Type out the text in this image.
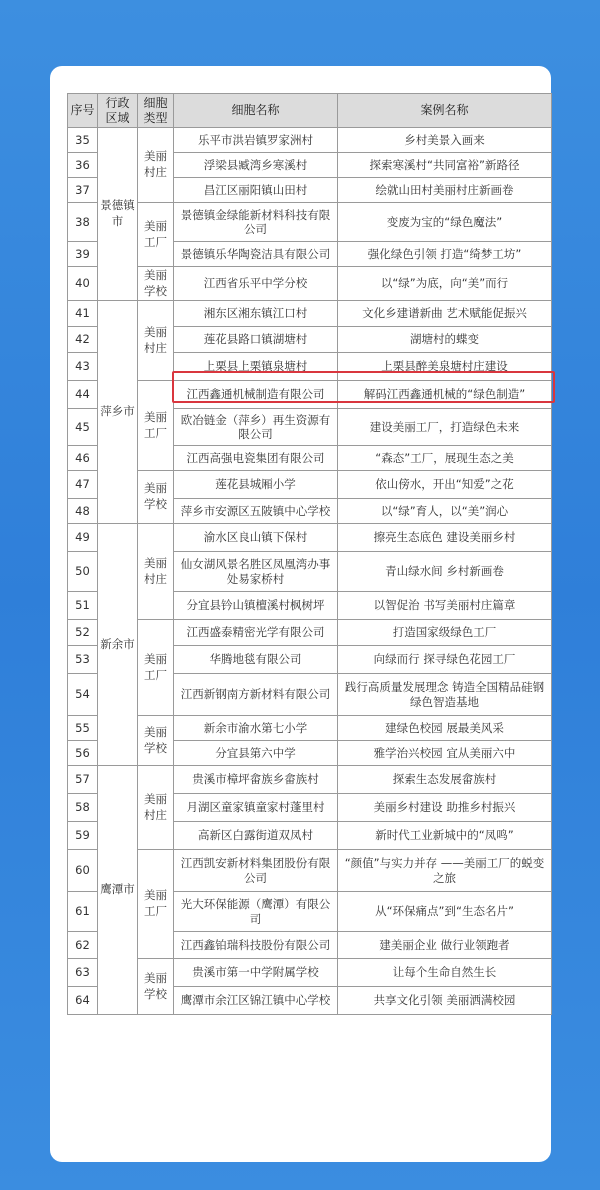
序号	行政区域	细胞类型	细胞名称	案例名称
35	景德镇市	美丽村庄	乐平市洪岩镇罗家洲村	乡村美景入画来
36			浮梁县臧湾乡寒溪村	探索寒溪村“共同富裕”新路径
37			昌江区丽阳镇山田村	绘就山田村美丽村庄新画卷
38		美丽工厂	景德镇金绿能新材料科技有限公司	变废为宝的“绿色魔法”
39			景德镇乐华陶瓷洁具有限公司	强化绿色引领 打造“绮梦工坊”
40		美丽学校	江西省乐平中学分校	以“绿”为底，向“美”而行
41	萍乡市	美丽村庄	湘东区湘东镇江口村	文化乡建谱新曲 艺术赋能促振兴
42			莲花县路口镇湖塘村	湖塘村的蝶变
43			上栗县上栗镇泉塘村	上栗县醉美泉塘村庄建设
44		美丽工厂	江西鑫通机械制造有限公司	解码江西鑫通机械的“绿色制造”
45			欧冶链金（萍乡）再生资源有限公司	建设美丽工厂，打造绿色未来
46			江西高强电瓷集团有限公司	“森态”工厂，展现生态之美
47		美丽学校	莲花县城厢小学	依山傍水，开出“知爱”之花
48			萍乡市安源区五陂镇中心学校	以“绿”育人，以“美”润心
49	新余市	美丽村庄	渝水区良山镇下保村	擦亮生态底色 建设美丽乡村
50			仙女湖风景名胜区凤凰湾办事处易家桥村	青山绿水间 乡村新画卷
51			分宜县钤山镇檀溪村枫树坪	以智促治 书写美丽村庄篇章
52		美丽工厂	江西盛泰精密光学有限公司	打造国家级绿色工厂
53			华腾地毯有限公司	向绿而行 探寻绿色花园工厂
54			江西新钢南方新材料有限公司	践行高质量发展理念 铸造全国精品硅钢绿色智造基地
55		美丽学校	新余市渝水第七小学	建绿色校园 展最美风采
56			分宜县第六中学	雅学治兴校园 宜从美丽六中
57	鹰潭市	美丽村庄	贵溪市樟坪畲族乡畲族村	探索生态发展畲族村
58			月湖区童家镇童家村蓬里村	美丽乡村建设 助推乡村振兴
59			高新区白露街道双凤村	新时代工业新城中的“凤鸣”
60		美丽工厂	江西凯安新材料集团股份有限公司	“颜值”与实力并存 ——美丽工厂的蜕变之旅
61			光大环保能源（鹰潭）有限公司	从“环保痛点”到“生态名片”
62			江西鑫铂瑞科技股份有限公司	建美丽企业 做行业领跑者
63		美丽学校	贵溪市第一中学附属学校	让每个生命自然生长
64			鹰潭市余江区锦江镇中心学校	共享文化引领 美丽洒满校园
